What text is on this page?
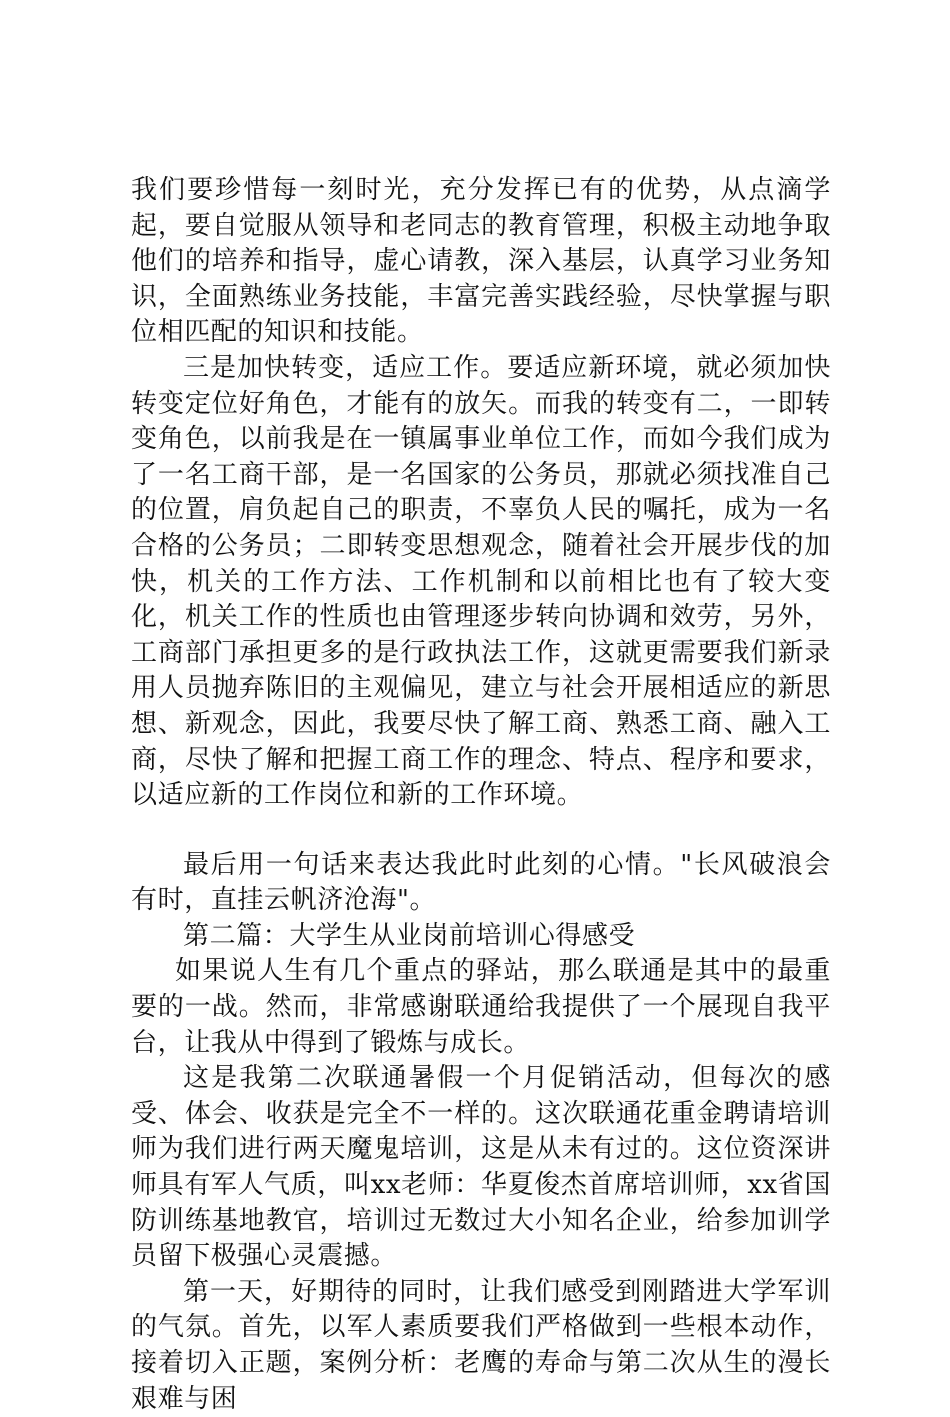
我们要珍惜每一刻时光，充分发挥已有的优势，从点滴学起，要自觉服从领导和老同志的教育管理，积极主动地争取他们的培养和指导，虚心请教，深入基层，认真学习业务知识，全面熟练业务技能，丰富完善实践经验，尽快掌握与职位相匹配的知识和技能。

三是加快转变，适应工作。要适应新环境，就必须加快转变定位好角色，才能有的放矢。而我的转变有二，一即转变角色，以前我是在一镇属事业单位工作，而如今我们成为了一名工商干部，是一名国家的公务员，那就必须找准自己的位置，肩负起自己的职责，不辜负人民的嘱托，成为一名合格的公务员；二即转变思想观念，随着社会开展步伐的加快，机关的工作方法、工作机制和以前相比也有了较大变化，机关工作的性质也由管理逐步转向协调和效劳，另外，工商部门承担更多的是行政执法工作，这就更需要我们新录用人员抛弃陈旧的主观偏见，建立与社会开展相适应的新思想、新观念，因此，我要尽快了解工商、熟悉工商、融入工商，尽快了解和把握工商工作的理念、特点、程序和要求，以适应新的工作岗位和新的工作环境。

最后用一句话来表达我此时此刻的心情。"长风破浪会有时，直挂云帆济沧海"。

第二篇：大学生从业岗前培训心得感受

如果说人生有几个重点的驿站，那么联通是其中的最重要的一战。然而，非常感谢联通给我提供了一个展现自我平台，让我从中得到了锻炼与成长。

这是我第二次联通暑假一个月促销活动，但每次的感受、体会、收获是完全不一样的。这次联通花重金聘请培训师为我们进行两天魔鬼培训，这是从未有过的。这位资深讲师具有军人气质，叫xx老师：华夏俊杰首席培训师，xx省国防训练基地教官，培训过无数过大小知名企业，给参加训学员留下极强心灵震撼。

第一天，好期待的同时，让我们感受到刚踏进大学军训的气氛。首先，以军人素质要我们严格做到一些根本动作，接着切入正题，案例分析：老鹰的寿命与第二次从生的漫长艰难与困
